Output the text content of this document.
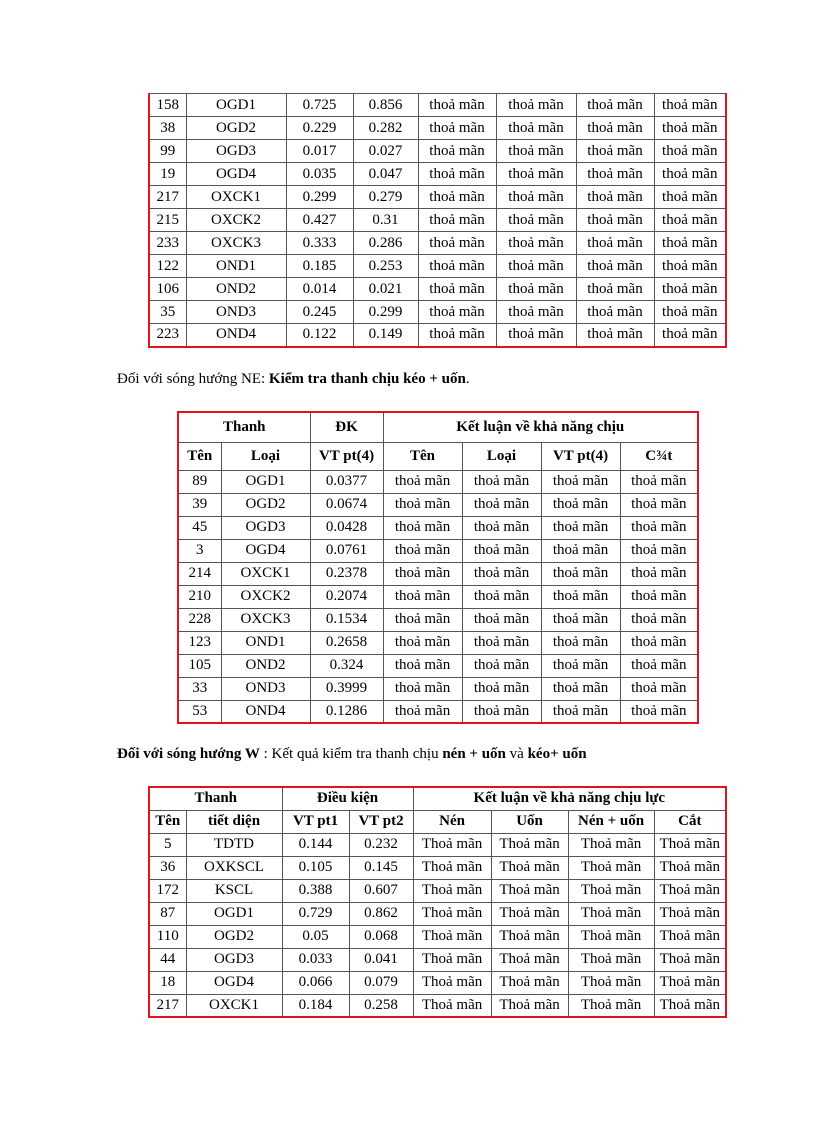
158	OGD1	0.725	0.856	thoả mãn	thoả mãn	thoả mãn	thoả mãn
38	OGD2	0.229	0.282	thoả mãn	thoả mãn	thoả mãn	thoả mãn
99	OGD3	0.017	0.027	thoả mãn	thoả mãn	thoả mãn	thoả mãn
19	OGD4	0.035	0.047	thoả mãn	thoả mãn	thoả mãn	thoả mãn
217	OXCK1	0.299	0.279	thoả mãn	thoả mãn	thoả mãn	thoả mãn
215	OXCK2	0.427	0.31	thoả mãn	thoả mãn	thoả mãn	thoả mãn
233	OXCK3	0.333	0.286	thoả mãn	thoả mãn	thoả mãn	thoả mãn
122	OND1	0.185	0.253	thoả mãn	thoả mãn	thoả mãn	thoả mãn
106	OND2	0.014	0.021	thoả mãn	thoả mãn	thoả mãn	thoả mãn
35	OND3	0.245	0.299	thoả mãn	thoả mãn	thoả mãn	thoả mãn
223	OND4	0.122	0.149	thoả mãn	thoả mãn	thoả mãn	thoả mãn
Đối với sóng hướng NE: Kiểm tra thanh chịu kéo + uốn.
Thanh		ĐK	Kết luận về khả năng chịu			
Tên	Loại	VT pt(4)	Tên	Loại	VT pt(4)	C¾t
89	OGD1	0.0377	thoả mãn	thoả mãn	thoả mãn	thoả mãn
39	OGD2	0.0674	thoả mãn	thoả mãn	thoả mãn	thoả mãn
45	OGD3	0.0428	thoả mãn	thoả mãn	thoả mãn	thoả mãn
3	OGD4	0.0761	thoả mãn	thoả mãn	thoả mãn	thoả mãn
214	OXCK1	0.2378	thoả mãn	thoả mãn	thoả mãn	thoả mãn
210	OXCK2	0.2074	thoả mãn	thoả mãn	thoả mãn	thoả mãn
228	OXCK3	0.1534	thoả mãn	thoả mãn	thoả mãn	thoả mãn
123	OND1	0.2658	thoả mãn	thoả mãn	thoả mãn	thoả mãn
105	OND2	0.324	thoả mãn	thoả mãn	thoả mãn	thoả mãn
33	OND3	0.3999	thoả mãn	thoả mãn	thoả mãn	thoả mãn
53	OND4	0.1286	thoả mãn	thoả mãn	thoả mãn	thoả mãn
Đối với sóng hướng W : Kết quả kiểm tra thanh chịu nén + uốn và kéo+ uốn
Thanh		Điều kiện		Kết luận về khả năng chịu lực			
Tên	tiết diện	VT pt1	VT pt2	Nén	Uốn	Nén + uốn	Cắt
5	TDTD	0.144	0.232	Thoả mãn	Thoả mãn	Thoả mãn	Thoả mãn
36	OXKSCL	0.105	0.145	Thoả mãn	Thoả mãn	Thoả mãn	Thoả mãn
172	KSCL	0.388	0.607	Thoả mãn	Thoả mãn	Thoả mãn	Thoả mãn
87	OGD1	0.729	0.862	Thoả mãn	Thoả mãn	Thoả mãn	Thoả mãn
110	OGD2	0.05	0.068	Thoả mãn	Thoả mãn	Thoả mãn	Thoả mãn
44	OGD3	0.033	0.041	Thoả mãn	Thoả mãn	Thoả mãn	Thoả mãn
18	OGD4	0.066	0.079	Thoả mãn	Thoả mãn	Thoả mãn	Thoả mãn
217	OXCK1	0.184	0.258	Thoả mãn	Thoả mãn	Thoả mãn	Thoả mãn
